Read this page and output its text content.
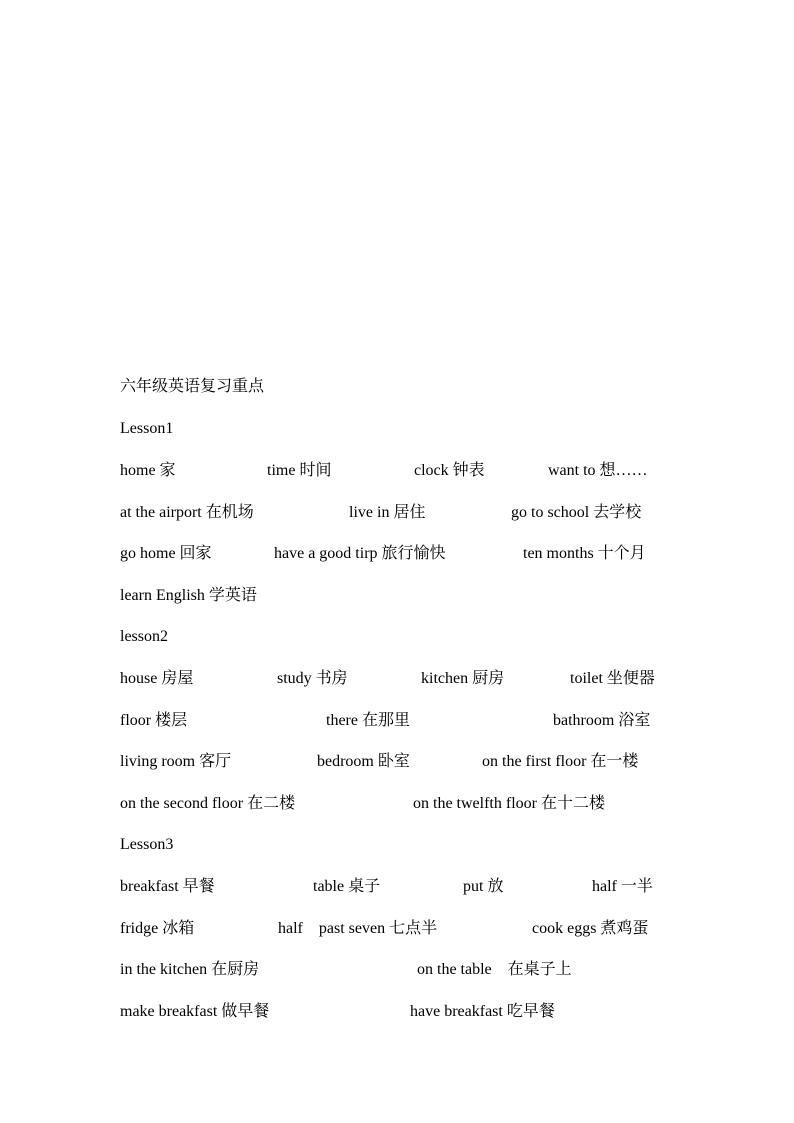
六年级英语复习重点
Lesson1
home 家	time 时间	clock 钟表	want to 想……
at the airport 在机场	live in 居住	go to school 去学校
go home 回家	have a good tirp 旅行愉快	ten months 十个月
learn English 学英语
lesson2
house 房屋	study 书房	kitchen 厨房	toilet 坐便器
floor 楼层	there 在那里	bathroom 浴室
living room 客厅	bedroom 卧室	on the first floor 在一楼
on the second floor 在二楼	on the twelfth floor 在十二楼
Lesson3
breakfast 早餐	table 桌子	put 放	half 一半
fridge 冰箱	half    past seven 七点半	cook eggs 煮鸡蛋
in the kitchen 在厨房	on the table    在桌子上
make breakfast 做早餐	have breakfast 吃早餐
